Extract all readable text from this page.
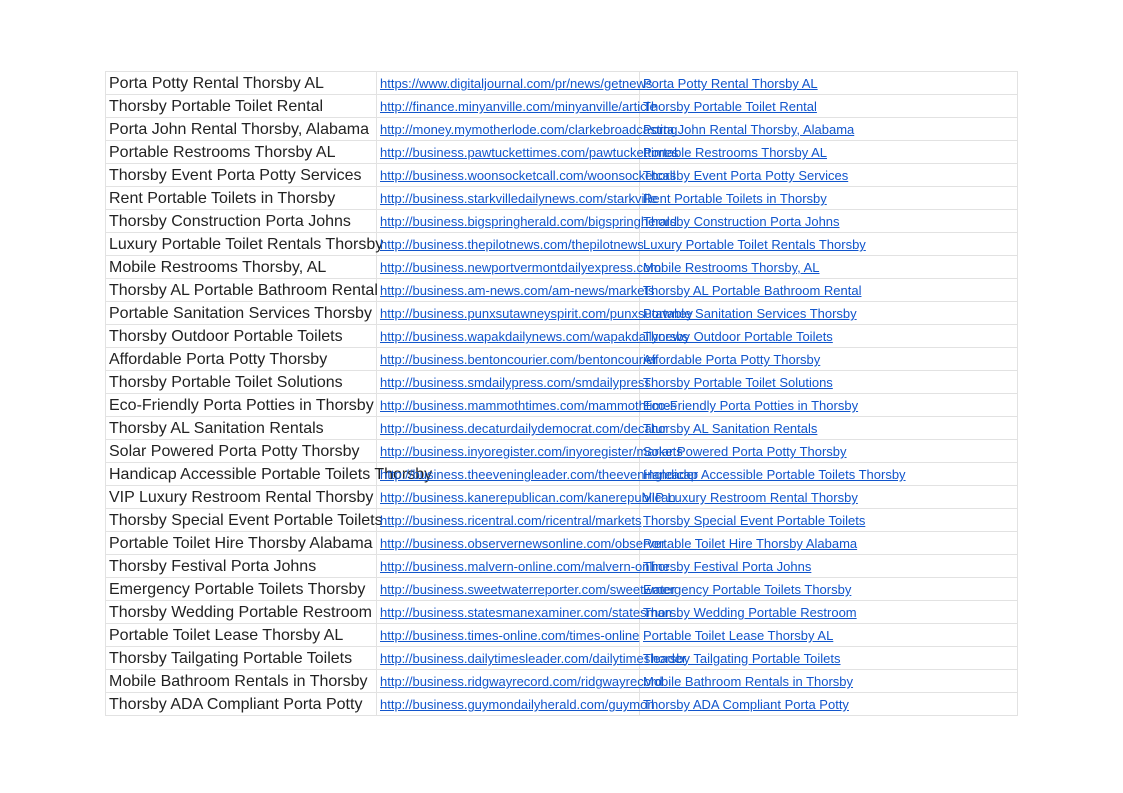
Porta Potty Rental Thorsby AL	https://www.digitaljournal.com/pr/news/getnews	Porta Potty Rental Thorsby AL
Thorsby Portable Toilet Rental	http://finance.minyanville.com/minyanville/article	Thorsby Portable Toilet Rental
Porta John Rental Thorsby, Alabama	http://money.mymotherlode.com/clarkebroadcasting	Porta John Rental Thorsby, Alabama
Portable Restrooms Thorsby AL	http://business.pawtuckettimes.com/pawtuckettimes	Portable Restrooms Thorsby AL
Thorsby Event Porta Potty Services	http://business.woonsocketcall.com/woonsocketcall	Thorsby Event Porta Potty Services
Rent Portable Toilets in Thorsby	http://business.starkvilledailynews.com/starkville	Rent Portable Toilets in Thorsby
Thorsby Construction Porta Johns	http://business.bigspringherald.com/bigspringherald	Thorsby Construction Porta Johns
Luxury Portable Toilet Rentals Thorsby	http://business.thepilotnews.com/thepilotnews	Luxury Portable Toilet Rentals Thorsby
Mobile Restrooms Thorsby, AL	http://business.newportvermontdailyexpress.com	Mobile Restrooms Thorsby, AL
Thorsby AL Portable Bathroom Rental	http://business.am-news.com/am-news/markets	Thorsby AL Portable Bathroom Rental
Portable Sanitation Services Thorsby	http://business.punxsutawneyspirit.com/punxsutawney	Portable Sanitation Services Thorsby
Thorsby Outdoor Portable Toilets	http://business.wapakdailynews.com/wapakdailynews	Thorsby Outdoor Portable Toilets
Affordable Porta Potty Thorsby	http://business.bentoncourier.com/bentoncourier	Affordable Porta Potty Thorsby
Thorsby Portable Toilet Solutions	http://business.smdailypress.com/smdailypress	Thorsby Portable Toilet Solutions
Eco-Friendly Porta Potties in Thorsby	http://business.mammothtimes.com/mammothtimes	Eco-Friendly Porta Potties in Thorsby
Thorsby AL Sanitation Rentals	http://business.decaturdailydemocrat.com/decatur	Thorsby AL Sanitation Rentals
Solar Powered Porta Potty Thorsby	http://business.inyoregister.com/inyoregister/markets	Solar Powered Porta Potty Thorsby
Handicap Accessible Portable Toilets Thorsby	http://business.theeveningleader.com/theeveningleader	Handicap Accessible Portable Toilets Thorsby
VIP Luxury Restroom Rental Thorsby	http://business.kanerepublican.com/kanerepublican	VIP Luxury Restroom Rental Thorsby
Thorsby Special Event Portable Toilets	http://business.ricentral.com/ricentral/markets	Thorsby Special Event Portable Toilets
Portable Toilet Hire Thorsby Alabama	http://business.observernewsonline.com/observer	Portable Toilet Hire Thorsby Alabama
Thorsby Festival Porta Johns	http://business.malvern-online.com/malvern-online	Thorsby Festival Porta Johns
Emergency Portable Toilets Thorsby	http://business.sweetwaterreporter.com/sweetwater	Emergency Portable Toilets Thorsby
Thorsby Wedding Portable Restroom	http://business.statesmanexaminer.com/statesman	Thorsby Wedding Portable Restroom
Portable Toilet Lease Thorsby AL	http://business.times-online.com/times-online	Portable Toilet Lease Thorsby AL
Thorsby Tailgating Portable Toilets	http://business.dailytimesleader.com/dailytimesleader	Thorsby Tailgating Portable Toilets
Mobile Bathroom Rentals in Thorsby	http://business.ridgwayrecord.com/ridgwayrecord	Mobile Bathroom Rentals in Thorsby
Thorsby ADA Compliant Porta Potty	http://business.guymondailyherald.com/guymon	Thorsby ADA Compliant Porta Potty
